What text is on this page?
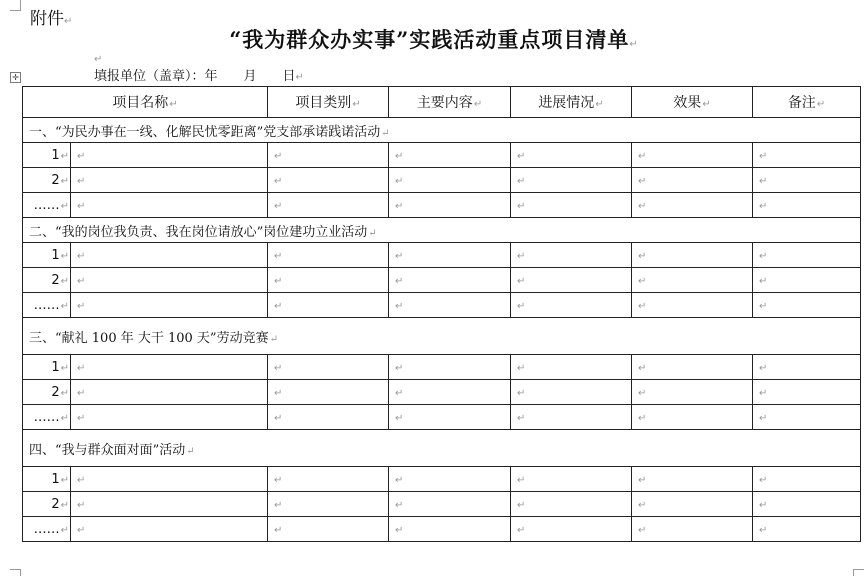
附件↵
“我为群众办实事”实践活动重点项目清单↵
↵
填报单位（盖章）：年　　月　　日↵
✛
项目名称↵		项目类别↵	主要内容↵	进展情况↵	效果↵	备注↵
一、“为民办事在一线、化解民忧零距离”党支部承诺践诺活动↵						
1↵	↵	↵	↵	↵	↵	↵
2↵	↵	↵	↵	↵	↵	↵
……↵	↵	↵	↵	↵	↵	↵
二、“我的岗位我负责、我在岗位请放心”岗位建功立业活动↵						
1↵	↵	↵	↵	↵	↵	↵
2↵	↵	↵	↵	↵	↵	↵
……↵	↵	↵	↵	↵	↵	↵
三、“献礼 100 年 大干 100 天”劳动竞赛↵						
1↵	↵	↵	↵	↵	↵	↵
2↵	↵	↵	↵	↵	↵	↵
……↵	↵	↵	↵	↵	↵	↵
四、“我与群众面对面”活动↵						
1↵	↵	↵	↵	↵	↵	↵
2↵	↵	↵	↵	↵	↵	↵
……↵	↵	↵	↵	↵	↵	↵
